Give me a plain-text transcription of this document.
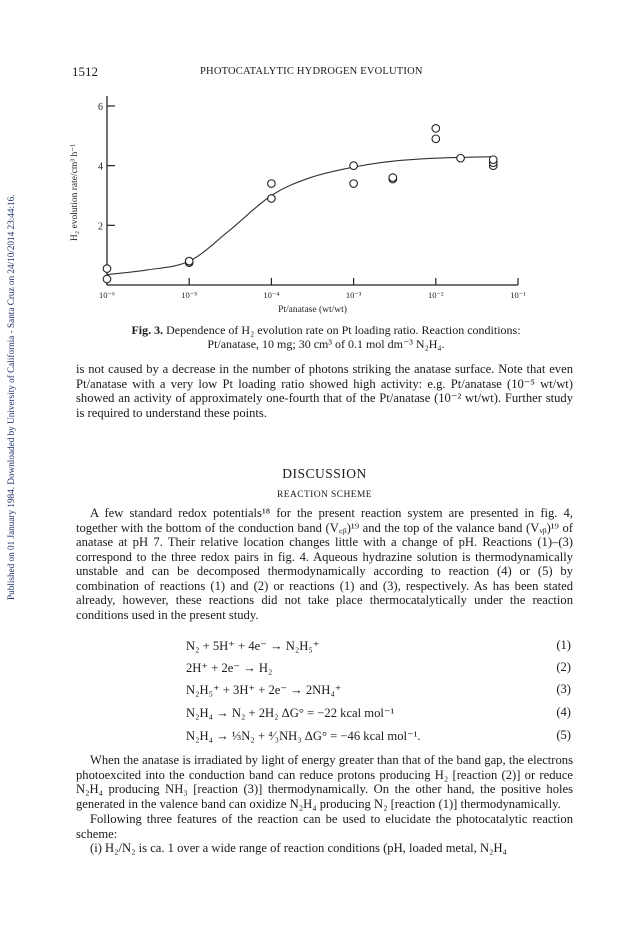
Published on 01 January 1984. Downloaded by University of California - Santa Cruz on 24/10/2014 23:44:16.
1512	PHOTOCATALYTIC HYDROGEN EVOLUTION
2
4
6
10⁻⁶	10⁻⁵	10⁻⁴	10⁻³	10⁻²	10⁻¹
Pt/anatase (wt/wt)
H₂ evolution rate/cm³ h⁻¹
Fig. 3. Dependence of H₂ evolution rate on Pt loading ratio. Reaction conditions:
Pt/anatase, 10 mg; 30 cm³ of 0.1 mol dm⁻³ N₂H₄.

is not caused by a decrease in the number of photons striking the anatase surface. Note that even Pt/anatase with a very low Pt loading ratio showed high activity: e.g. Pt/anatase (10⁻⁵ wt/wt) showed an activity of approximately one-fourth that of the Pt/anatase (10⁻² wt/wt). Further study is required to understand these points.

DISCUSSION
REACTION SCHEME

A few standard redox potentials¹⁸ for the present reaction system are presented in fig. 4, together with the bottom of the conduction band (V꜀ᵦ)¹⁹ and the top of the valance band (Vᵥᵦ)¹⁹ of anatase at pH 7. Their relative location changes little with a change of pH. Reactions (1)–(3) correspond to the three redox pairs in fig. 4. Aqueous hydrazine solution is thermodynamically unstable and can be decomposed thermodynamically according to reaction (4) or (5) by combination of reactions (1) and (2) or reactions (1) and (3), respectively. As has been stated already, however, these reactions did not take place thermocatalytically under the reaction conditions used in the present study.

N₂ + 5H⁺ + 4e⁻ → N₂H₅⁺	(1)
2H⁺ + 2e⁻ → H₂	(2)
N₂H₅⁺ + 3H⁺ + 2e⁻ → 2NH₄⁺	(3)
N₂H₄ → N₂ + 2H₂ ΔG° = −22 kcal mol⁻¹	(4)
N₂H₄ → ⅓N₂ + ⁴⁄₃NH₃ ΔG° = −46 kcal mol⁻¹.	(5)

When the anatase is irradiated by light of energy greater than that of the band gap, the electrons photoexcited into the conduction band can reduce protons producing H₂ [reaction (2)] or reduce N₂H₄ producing NH₃ [reaction (3)] thermodynamically. On the other hand, the positive holes generated in the valence band can oxidize N₂H₄ producing N₂ [reaction (1)] thermodynamically.

Following three features of the reaction can be used to elucidate the photocatalytic reaction scheme:

(i) H₂/N₂ is ca. 1 over a wide range of reaction conditions (pH, loaded metal, N₂H₄
